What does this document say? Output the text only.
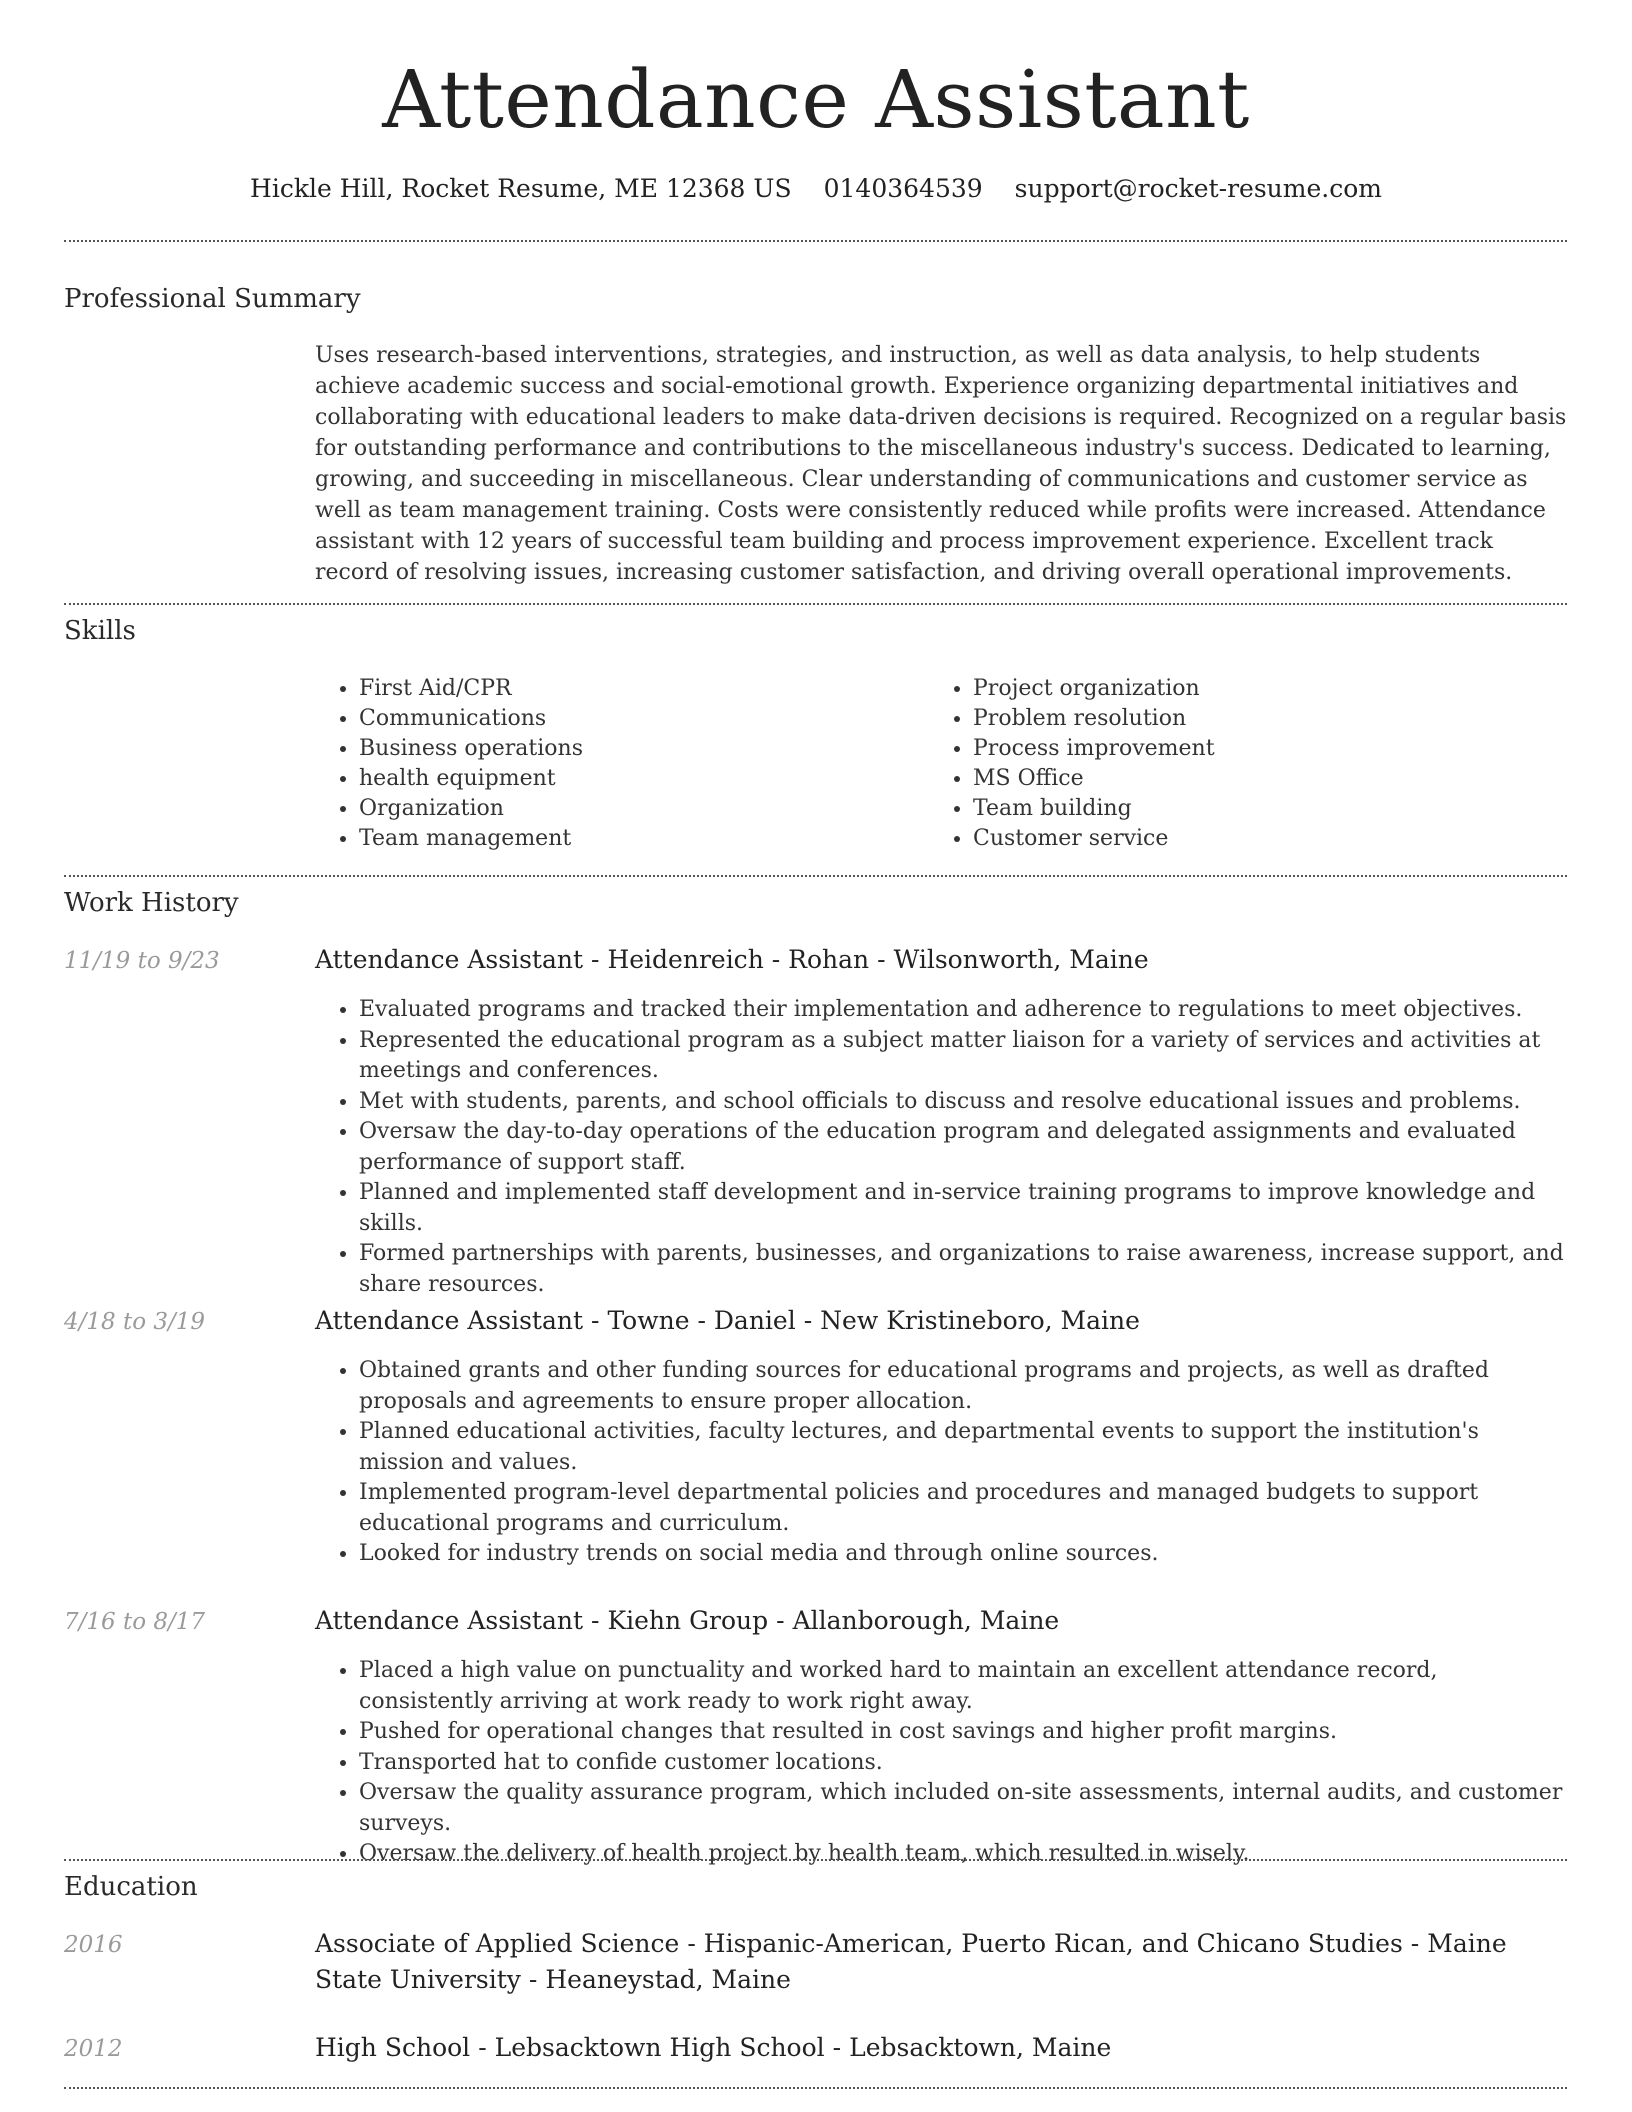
Attendance Assistant
Hickle Hill, Rocket Resume, ME 12368 US 0140364539 support@rocket-resume.com
Professional Summary
Uses research-based interventions, strategies, and instruction, as well as data analysis, to help students achieve academic success and social-emotional growth. Experience organizing departmental initiatives and collaborating with educational leaders to make data-driven decisions is required. Recognized on a regular basis for outstanding performance and contributions to the miscellaneous industry's success. Dedicated to learning, growing, and succeeding in miscellaneous. Clear understanding of communications and customer service as well as team management training. Costs were consistently reduced while profits were increased. Attendance assistant with 12 years of successful team building and process improvement experience. Excellent track record of resolving issues, increasing customer satisfaction, and driving overall operational improvements.
Skills
• First Aid/CPR
• Communications
• Business operations
• health equipment
• Organization
• Team management
• Project organization
• Problem resolution
• Process improvement
• MS Office
• Team building
• Customer service
Work History
11/19 to 9/23	Attendance Assistant - Heidenreich - Rohan - Wilsonworth, Maine
• Evaluated programs and tracked their implementation and adherence to regulations to meet objectives.
• Represented the educational program as a subject matter liaison for a variety of services and activities at meetings and conferences.
• Met with students, parents, and school officials to discuss and resolve educational issues and problems.
• Oversaw the day-to-day operations of the education program and delegated assignments and evaluated performance of support staff.
• Planned and implemented staff development and in-service training programs to improve knowledge and skills.
• Formed partnerships with parents, businesses, and organizations to raise awareness, increase support, and share resources.
4/18 to 3/19	Attendance Assistant - Towne - Daniel - New Kristineboro, Maine
• Obtained grants and other funding sources for educational programs and projects, as well as drafted proposals and agreements to ensure proper allocation.
• Planned educational activities, faculty lectures, and departmental events to support the institution's mission and values.
• Implemented program-level departmental policies and procedures and managed budgets to support educational programs and curriculum.
• Looked for industry trends on social media and through online sources.
7/16 to 8/17	Attendance Assistant - Kiehn Group - Allanborough, Maine
• Placed a high value on punctuality and worked hard to maintain an excellent attendance record, consistently arriving at work ready to work right away.
• Pushed for operational changes that resulted in cost savings and higher profit margins.
• Transported hat to confide customer locations.
• Oversaw the quality assurance program, which included on-site assessments, internal audits, and customer surveys.
• Oversaw the delivery of health project by health team, which resulted in wisely.
Education
2016	Associate of Applied Science - Hispanic-American, Puerto Rican, and Chicano Studies - Maine State University - Heaneystad, Maine
2012	High School - Lebsacktown High School - Lebsacktown, Maine
